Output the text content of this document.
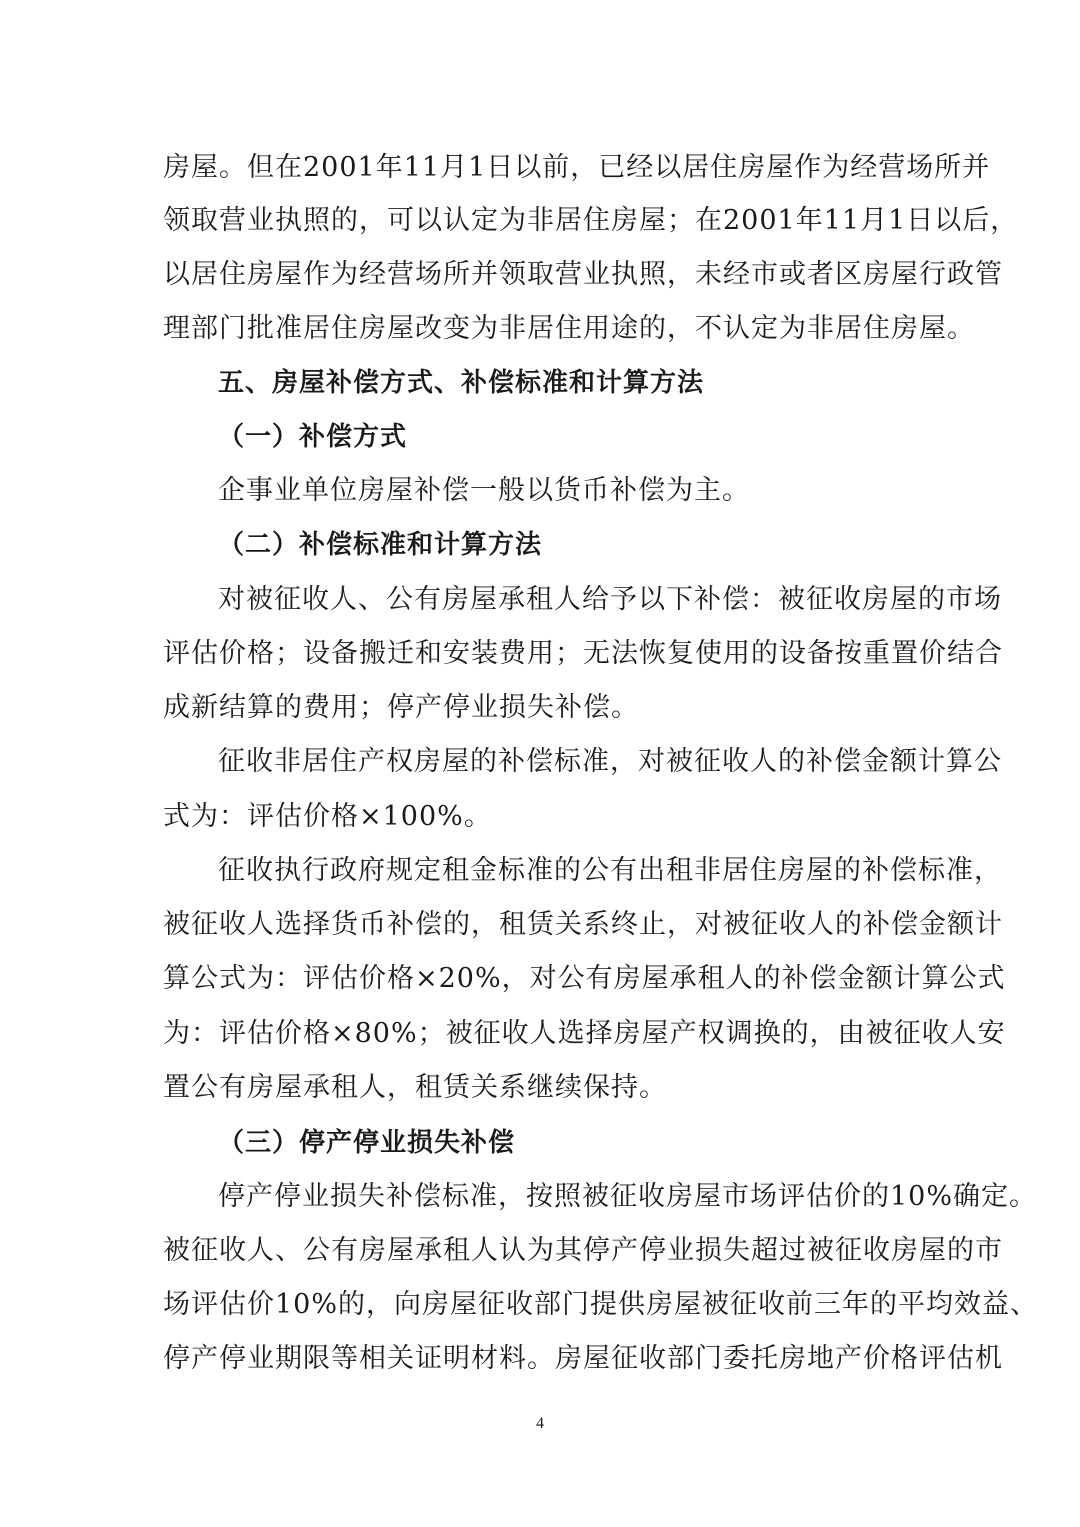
房屋。但在2001年11月1日以前，已经以居住房屋作为经营场所并
领取营业执照的，可以认定为非居住房屋；在2001年11月1日以后，
以居住房屋作为经营场所并领取营业执照，未经市或者区房屋行政管
理部门批准居住房屋改变为非居住用途的，不认定为非居住房屋。
五、房屋补偿方式、补偿标准和计算方法
（一）补偿方式
企事业单位房屋补偿一般以货币补偿为主。
（二）补偿标准和计算方法
对被征收人、公有房屋承租人给予以下补偿：被征收房屋的市场
评估价格；设备搬迁和安装费用；无法恢复使用的设备按重置价结合
成新结算的费用；停产停业损失补偿。
征收非居住产权房屋的补偿标准，对被征收人的补偿金额计算公
式为：评估价格×100%。
征收执行政府规定租金标准的公有出租非居住房屋的补偿标准，
被征收人选择货币补偿的，租赁关系终止，对被征收人的补偿金额计
算公式为：评估价格×20%，对公有房屋承租人的补偿金额计算公式
为：评估价格×80%；被征收人选择房屋产权调换的，由被征收人安
置公有房屋承租人，租赁关系继续保持。
（三）停产停业损失补偿
停产停业损失补偿标准，按照被征收房屋市场评估价的10%确定。
被征收人、公有房屋承租人认为其停产停业损失超过被征收房屋的市
场评估价10%的，向房屋征收部门提供房屋被征收前三年的平均效益、
停产停业期限等相关证明材料。房屋征收部门委托房地产价格评估机
4
